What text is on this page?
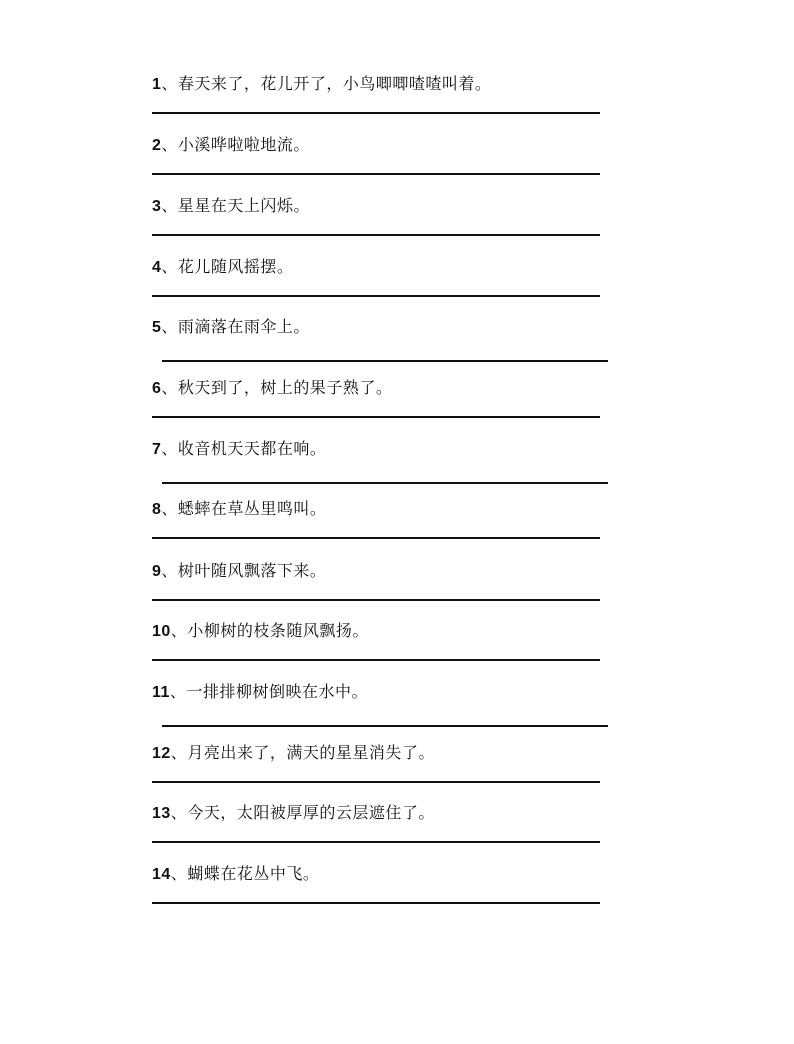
1、春天来了，花儿开了，小鸟唧唧喳喳叫着。
2、小溪哗啦啦地流。
3、星星在天上闪烁。
4、花儿随风摇摆。
5、雨滴落在雨伞上。
6、秋天到了，树上的果子熟了。
7、收音机天天都在响。
8、蟋蟀在草丛里鸣叫。
9、树叶随风飘落下来。
10、小柳树的枝条随风飘扬。
11、一排排柳树倒映在水中。
12、月亮出来了，满天的星星消失了。
13、今天，太阳被厚厚的云层遮住了。
14、蝴蝶在花丛中飞。
